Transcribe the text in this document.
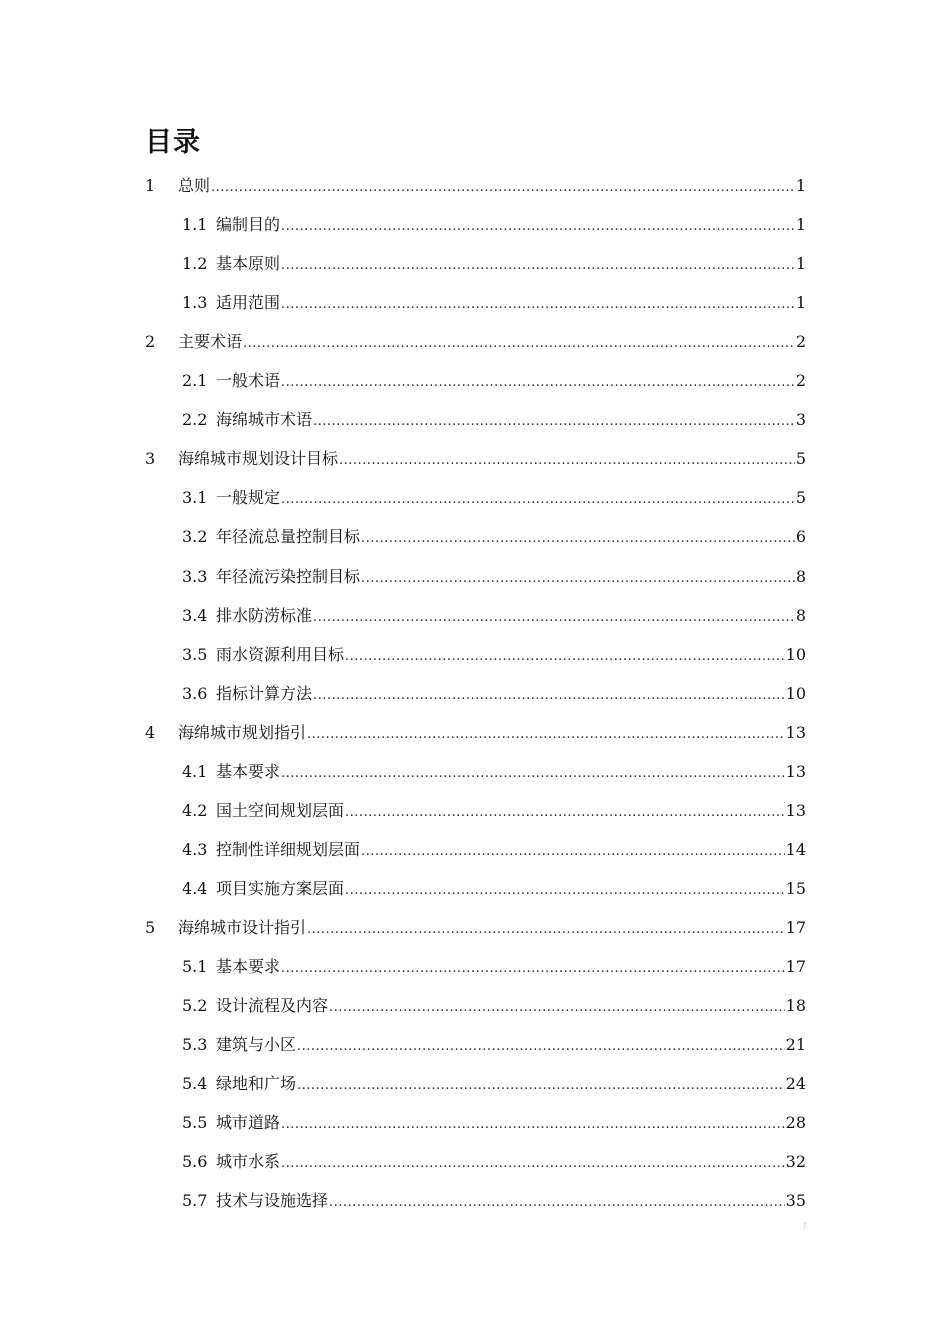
目录
1	总则 .....	1
1.1 编制目的 .....	1
1.2 基本原则 .....	1
1.3 适用范围 .....	1
2	主要术语 .....	2
2.1 一般术语 .....	2
2.2 海绵城市术语 .....	3
3	海绵城市规划设计目标 .....	5
3.1 一般规定 .....	5
3.2 年径流总量控制目标 .....	6
3.3 年径流污染控制目标 .....	8
3.4 排水防涝标准 .....	8
3.5 雨水资源利用目标 .....	10
3.6 指标计算方法 .....	10
4	海绵城市规划指引 .....	13
4.1 基本要求 .....	13
4.2 国土空间规划层面 .....	13
4.3 控制性详细规划层面 .....	14
4.4 项目实施方案层面 .....	15
5	海绵城市设计指引 .....	17
5.1 基本要求 .....	17
5.2 设计流程及内容 .....	18
5.3 建筑与小区 .....	21
5.4 绿地和广场 .....	24
5.5 城市道路 .....	28
5.6 城市水系 .....	32
5.7 技术与设施选择 .....	35
!
